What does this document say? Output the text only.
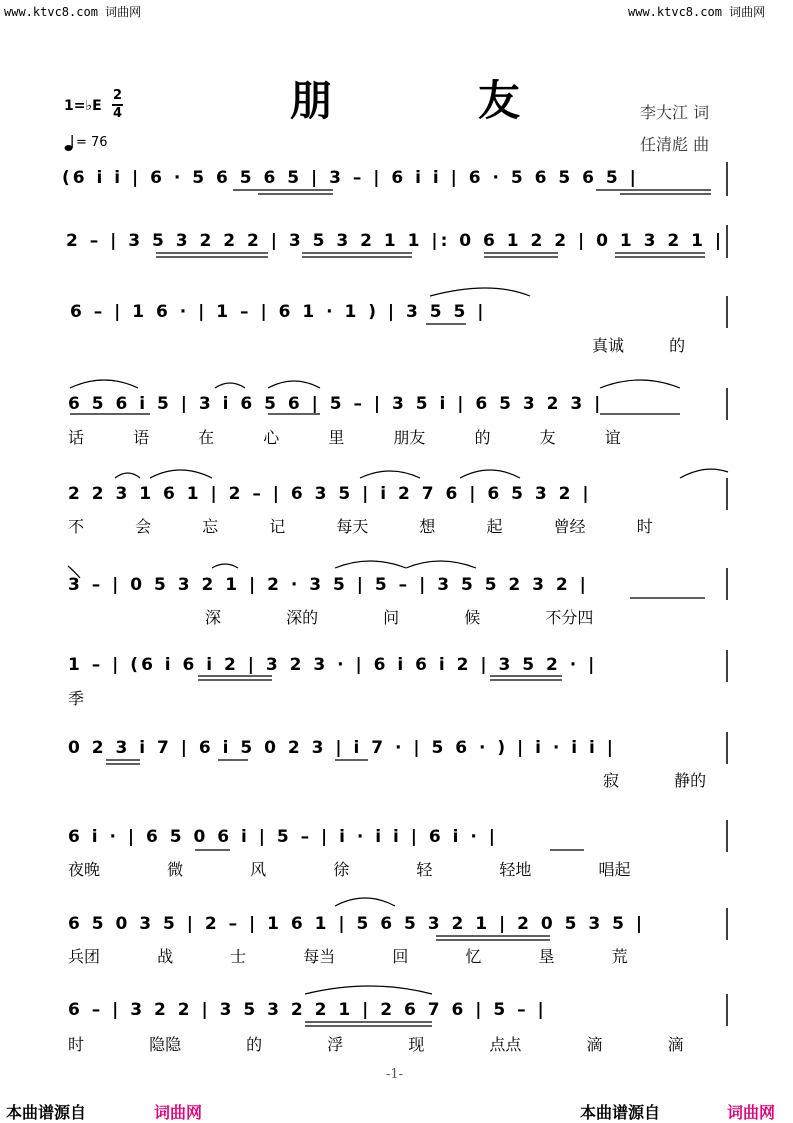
www.ktvc8.com 词曲网	www.ktvc8.com 词曲网
朋	友	李大江 词
任清彪 曲
1=♭E
2
4
= 76
(6 i i | 6 · 5 6 5 6 5 | 3 – | 6 i i | 6 · 5 6 5 6 5 |
2 – | 3 5 3 2 2 2 | 3 5 3 2 1 1 |: 0 6 1 2 2 | 0 1 3 2 1 |
6 – | 1 6 · | 1 – | 6 1 · 1 ) | 3 5 5 |
真诚 的
6 5 6 i 5 | 3 i 6 5 6 | 5 – | 3 5 i | 6 5 3 2 3 |
话 语 在 心 里 朋友 的 友 谊
2 2 3 1 6 1 | 2 – | 6 3 5 | i 2 7 6 | 6 5 3 2 |
不 会 忘 记 每天 想 起 曾经 时
3 – | 0 5 3 2 1 | 2 · 3 5 | 5 – | 3 5 5 2 3 2 |
深 深的 问 候 不分四
1 – | (6 i 6 i 2 | 3 2 3 · | 6 i 6 i 2 | 3 5 2 · |
季
0 2 3 i 7 | 6 i 5 0 2 3 | i 7 · | 5 6 · ) | i · i i |
寂 静的
6 i · | 6 5 0 6 i | 5 – | i · i i | 6 i · |
夜晚 微 风 徐 轻 轻地 唱起
6 5 0 3 5 | 2 – | 1 6 1 | 5 6 5 3 2 1 | 2 0 5 3 5 |
兵团 战 士 每当 回 忆 垦 荒
6 – | 3 2 2 | 3 5 3 2 2 1 | 2 6 7 6 | 5 – |
时 隐隐 的 浮 现 点点 滴 滴
-1-
本曲谱源自	词曲网	本曲谱源自	词曲网
